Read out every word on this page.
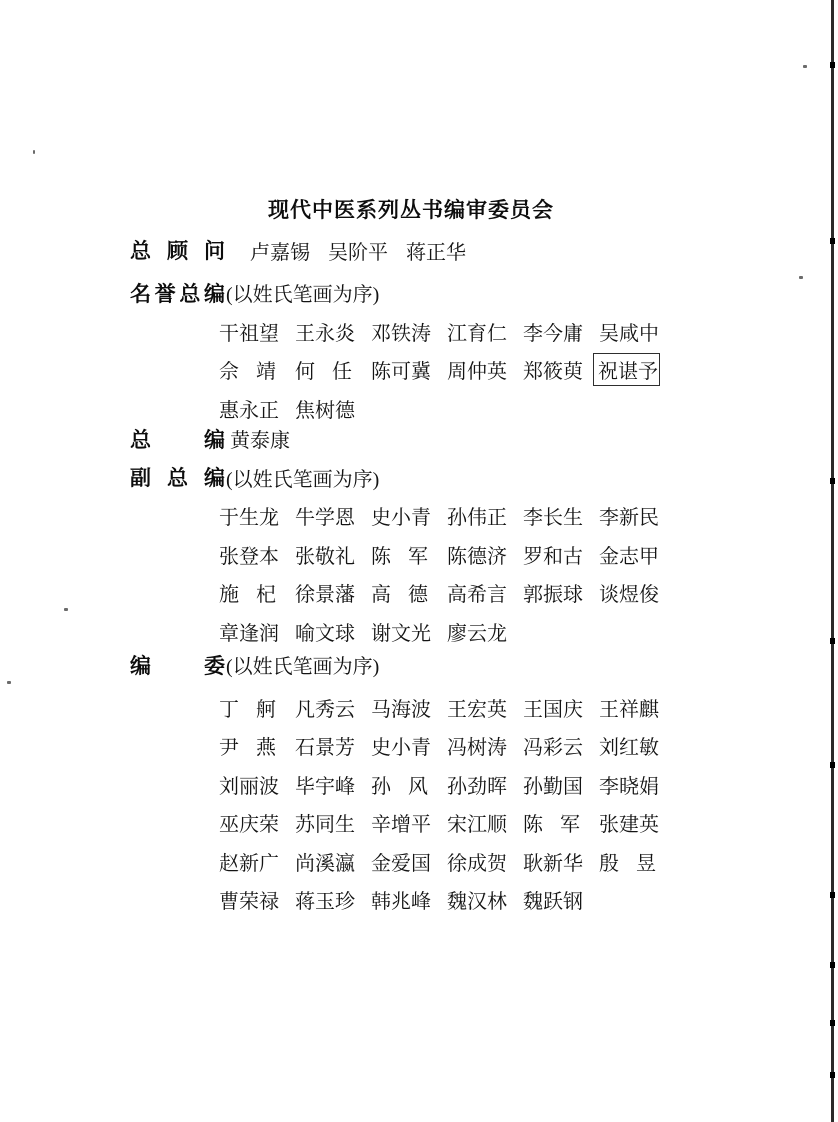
现代中医系列丛书编审委员会
总 顾 问 卢 嘉 锡 吴 阶 平 蒋 正 华
名 誉 总 编 (以姓氏笔画为序)
干 祖 望 王 永 炎 邓 铁 涛 江 育 仁 李 今 庸 吴 咸 中
佘 靖 何 任 陈 可 冀 周 仲 英 郑 筱 萸 祝 谌 予
惠 永 正 焦 树 德
总	编 黄 泰 康
副 总 编 (以姓氏笔画为序)
于 生 龙 牛 学 恩 史 小 青 孙 伟 正 李 长 生 李 新 民
张 登 本 张 敬 礼 陈 军 陈 德 济 罗 和 古 金 志 甲
施 杞 徐 景 藩 高 德 高 希 言 郭 振 球 谈 煜 俊
章 逢 润 喻 文 球 谢 文 光 廖 云 龙
编	委 (以姓氏笔画为序)
丁 舸 凡 秀 云 马 海 波 王 宏 英 王 国 庆 王 祥 麒
尹 燕 石 景 芳 史 小 青 冯 树 涛 冯 彩 云 刘 红 敏
刘 丽 波 毕 宇 峰 孙 风 孙 劲 晖 孙 勤 国 李 晓 娟
巫 庆 荣 苏 同 生 辛 增 平 宋 江 顺 陈 军 张 建 英
赵 新 广 尚 溪 瀛 金 爱 国 徐 成 贺 耿 新 华 殷 昱
曹 荣 禄 蒋 玉 珍 韩 兆 峰 魏 汉 林 魏 跃 钢
